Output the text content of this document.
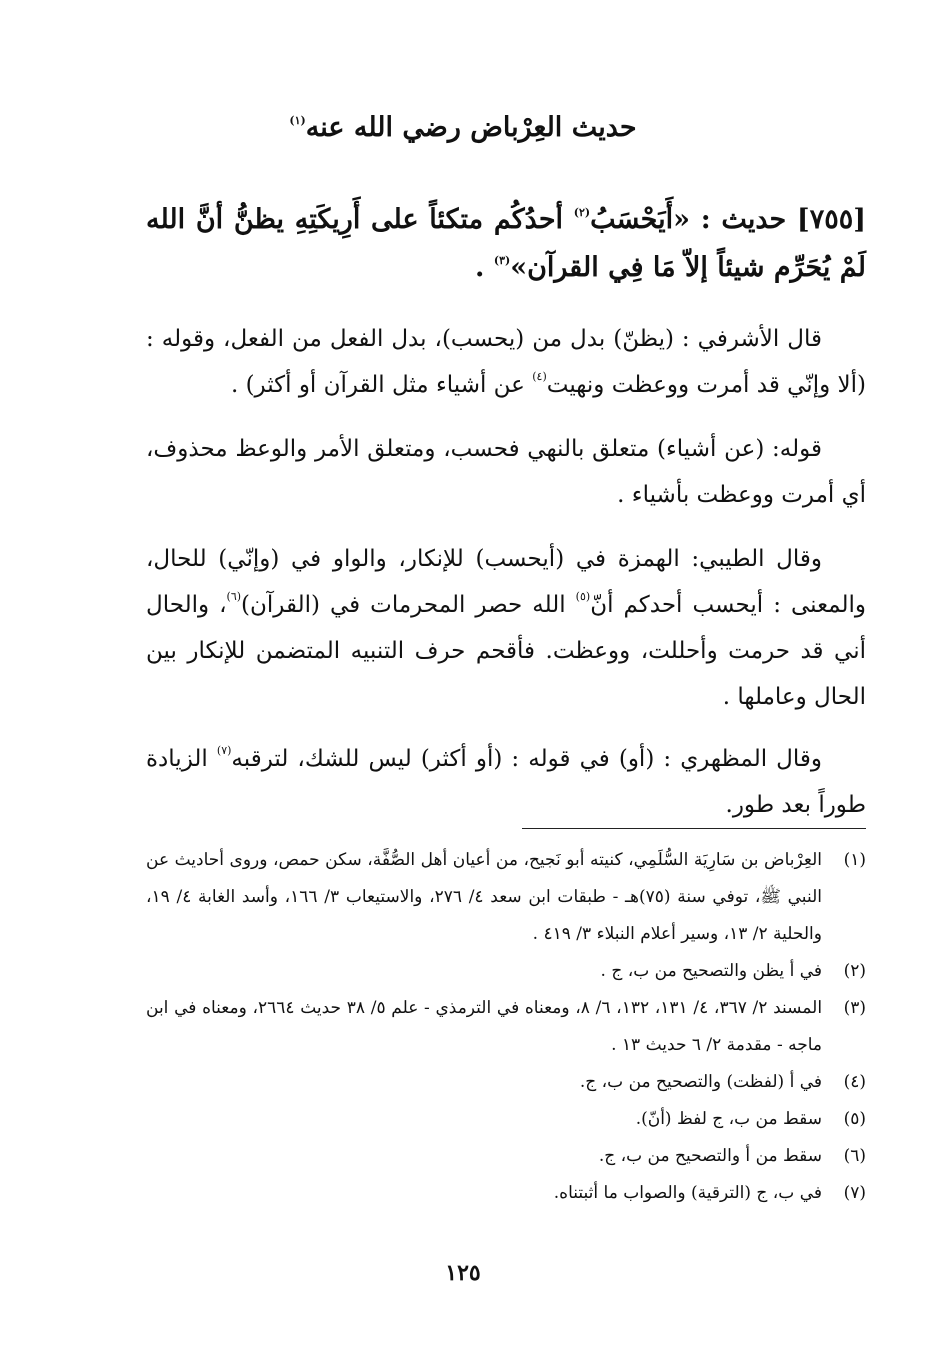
حديث العِرْباض رضي الله عنه$^{(١)}$
[٧٥٥] حديث : «أَيَحْسَبُ$^{(٢)}$ أحدُكُم متكئاً على أَرِيكَتِهِ يظنُّ أنَّ الله لَمْ يُحَرِّم شيئاً إلاّ مَا فِي القرآن»$^{(٣)}$ .
قال الأشرفي : (يظنّ) بدل من (يحسب)، بدل الفعل من الفعل، وقوله : (ألا وإنّي قد أمرت ووعظت ونهيت$^{(٤)}$ عن أشياء مثل القرآن أو أكثر) .
قوله: (عن أشياء) متعلق بالنهي فحسب، ومتعلق الأمر والوعظ محذوف، أي أمرت ووعظت بأشياء .
وقال الطيبي: الهمزة في (أيحسب) للإنكار، والواو في (وإنّي) للحال، والمعنى : أيحسب أحدكم أنّ$^{(٥)}$ الله حصر المحرمات في (القرآن)$^{(٦)}$، والحال أني قد حرمت وأحللت، ووعظت. فأقحم حرف التنبيه المتضمن للإنكار بين الحال وعاملها .
وقال المظهري : (أو) في قوله : (أو أكثر) ليس للشك، لترقبه$^{(٧)}$ الزيادة طوراً بعد طور.

(١)
العِرْباض بن سَارِيَة السُّلَمِي، كنيته أبو نَجيح، من أعيان أهل الصُّفَّة، سكن حمص، وروى أحاديث عن النبي ﷺ، توفي سنة (٧٥)هـ - طبقات ابن سعد ٤/ ٢٧٦، والاستيعاب ٣/ ١٦٦، وأسد الغابة ٤/ ١٩، والحلية ٢/ ١٣، وسير أعلام النبلاء ٣/ ٤١٩ .

(٢)
في أ يظن والتصحيح من ب، ج .

(٣)
المسند ٢/ ٣٦٧، ٤/ ١٣١، ١٣٢، ٦/ ٨، ومعناه في الترمذي - علم ٥/ ٣٨ حديث ٢٦٦٤، ومعناه في ابن ماجه - مقدمة ٢/ ٦ حديث ١٣ .

(٤)
في أ (لفظت) والتصحيح من ب، ج.

(٥)
سقط من ب، ج لفظ (أنّ).

(٦)
سقط من أ والتصحيح من ب، ج.

(٧)
في ب، ج (الترقية) والصواب ما أثبتناه.

١٢٥
